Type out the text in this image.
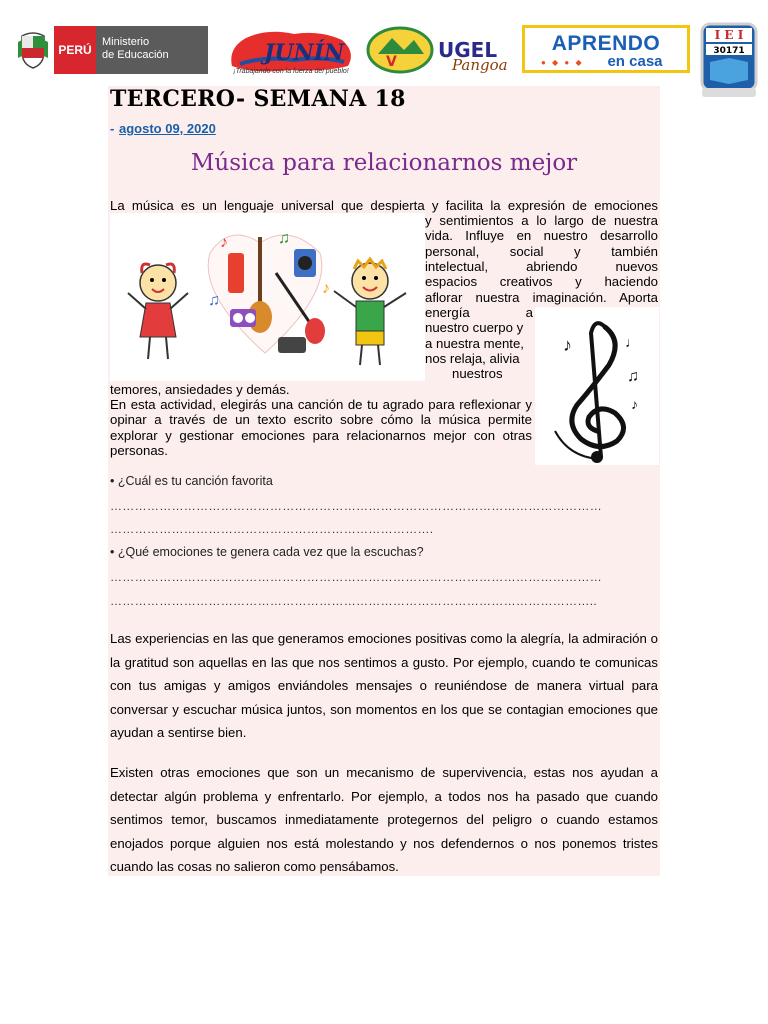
PERÚ
Ministerio
de Educación	JUNÍN
¡Trabajando con la fuerza del pueblo!
V UGEL
Pangoa
APRENDO
● ◆ ● ◆	en casa
I E I
30171
TERCERO- SEMANA 18
- agosto 09, 2020
Música para relacionarnos mejor
La música es un lenguaje universal que despierta y facilita la expresión de emociones
y sentimientos a lo largo de nuestra
vida. Influye en nuestro desarrollo
personal, social y también
intelectual, abriendo nuevos
espacios creativos y haciendo
aflorar nuestra imaginación. Aporta
energía a
nuestro cuerpo y
a nuestra mente,
nos relaja, alivia
nuestros
temores, ansiedades y demás.
En esta actividad, elegirás una canción de tu agrado para reflexionar y opinar a través de un texto escrito sobre cómo la música permite explorar y gestionar emociones para relacionarnos mejor con otras personas.
♪	♫
♪
♫
♪
♫
♪
♩
• ¿Cuál es tu canción favorita
…………………………………………………………………………………………………………
…………………………………………………………………….
• ¿Qué emociones te genera cada vez que la escuchas?
…………………………………………………………………………………………………………
………………………………………………………………………………………………………..
Las experiencias en las que generamos emociones positivas como la alegría, la admiración o la gratitud son aquellas en las que nos sentimos a gusto. Por ejemplo, cuando te comunicas con tus amigas y amigos enviándoles mensajes o reuniéndose de manera virtual para conversar y escuchar música juntos, son momentos en los que se contagian emociones que ayudan a sentirse bien.
Existen otras emociones que son un mecanismo de supervivencia, estas nos ayudan a detectar algún problema y enfrentarlo. Por ejemplo, a todos nos ha pasado que cuando sentimos temor, buscamos inmediatamente protegernos del peligro o cuando estamos enojados porque alguien nos está molestando y nos defendernos o nos ponemos tristes cuando las cosas no salieron como pensábamos.
